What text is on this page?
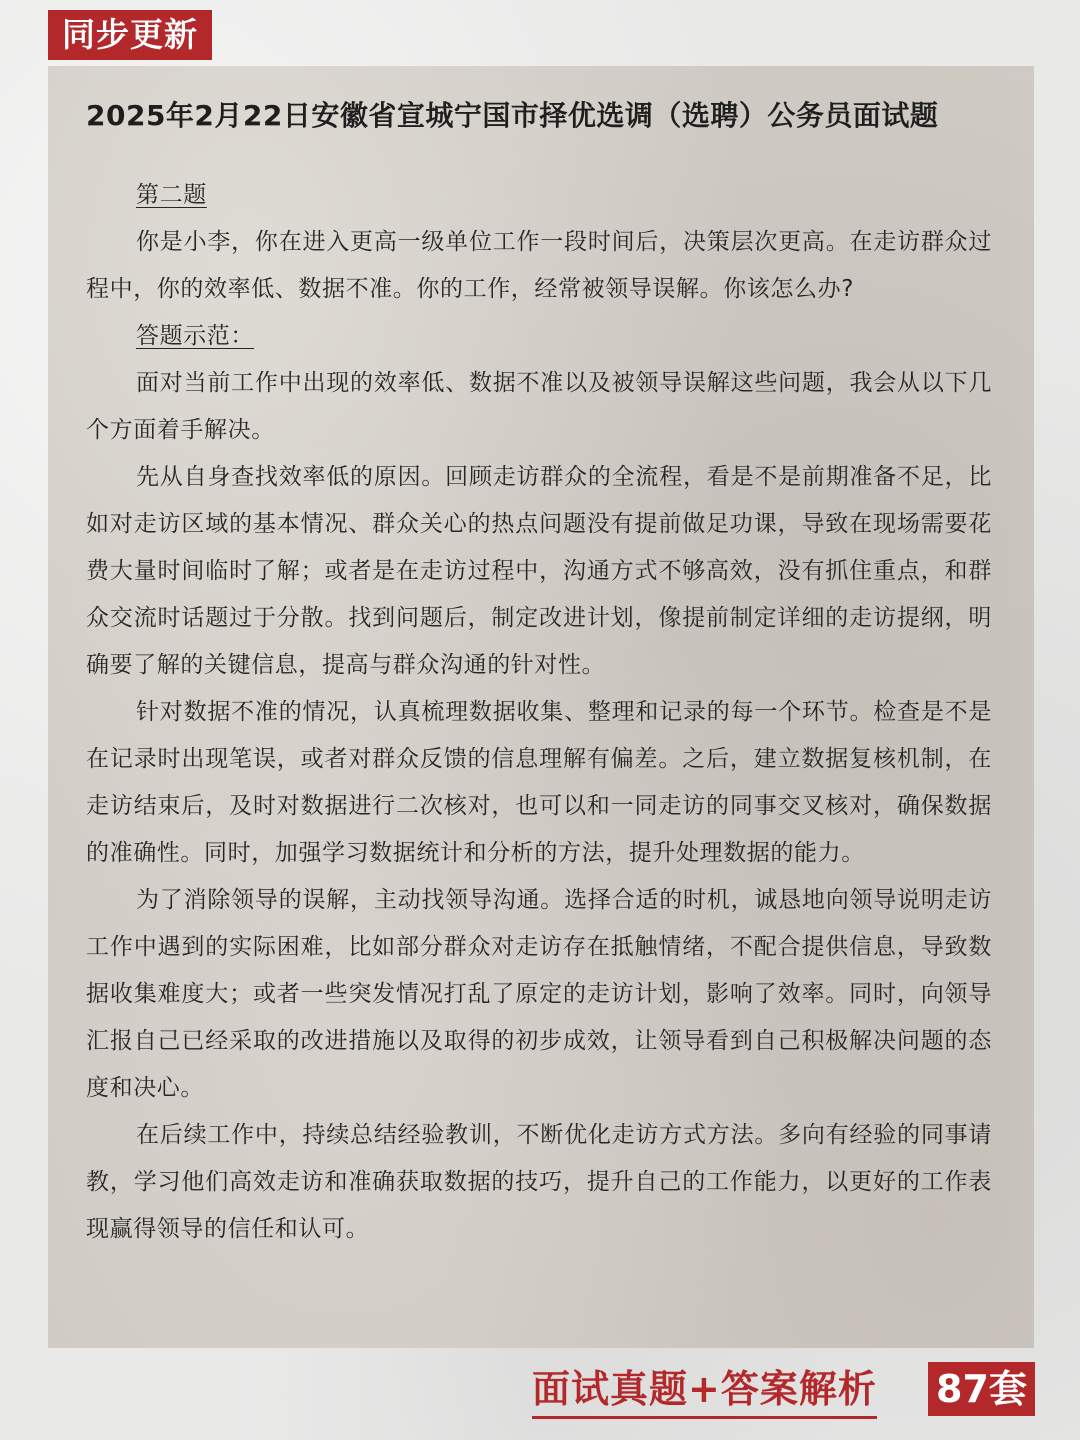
同步更新
2025年2月22日安徽省宣城宁国市择优选调（选聘）公务员面试题

第二题

你是小李，你在进入更高一级单位工作一段时间后，决策层次更高。在走访群众过程中，你的效率低、数据不准。你的工作，经常被领导误解。你该怎么办?

答题示范：

面对当前工作中出现的效率低、数据不准以及被领导误解这些问题，我会从以下几个方面着手解决。

先从自身查找效率低的原因。回顾走访群众的全流程，看是不是前期准备不足，比如对走访区域的基本情况、群众关心的热点问题没有提前做足功课，导致在现场需要花费大量时间临时了解；或者是在走访过程中，沟通方式不够高效，没有抓住重点，和群众交流时话题过于分散。找到问题后，制定改进计划，像提前制定详细的走访提纲，明确要了解的关键信息，提高与群众沟通的针对性。

针对数据不准的情况，认真梳理数据收集、整理和记录的每一个环节。检查是不是在记录时出现笔误，或者对群众反馈的信息理解有偏差。之后，建立数据复核机制，在走访结束后，及时对数据进行二次核对，也可以和一同走访的同事交叉核对，确保数据的准确性。同时，加强学习数据统计和分析的方法，提升处理数据的能力。

为了消除领导的误解，主动找领导沟通。选择合适的时机，诚恳地向领导说明走访工作中遇到的实际困难，比如部分群众对走访存在抵触情绪，不配合提供信息，导致数据收集难度大；或者一些突发情况打乱了原定的走访计划，影响了效率。同时，向领导汇报自己已经采取的改进措施以及取得的初步成效，让领导看到自己积极解决问题的态度和决心。

在后续工作中，持续总结经验教训，不断优化走访方式方法。多向有经验的同事请教，学习他们高效走访和准确获取数据的技巧，提升自己的工作能力，以更好的工作表现赢得领导的信任和认可。

面试真题+答案解析 87套
